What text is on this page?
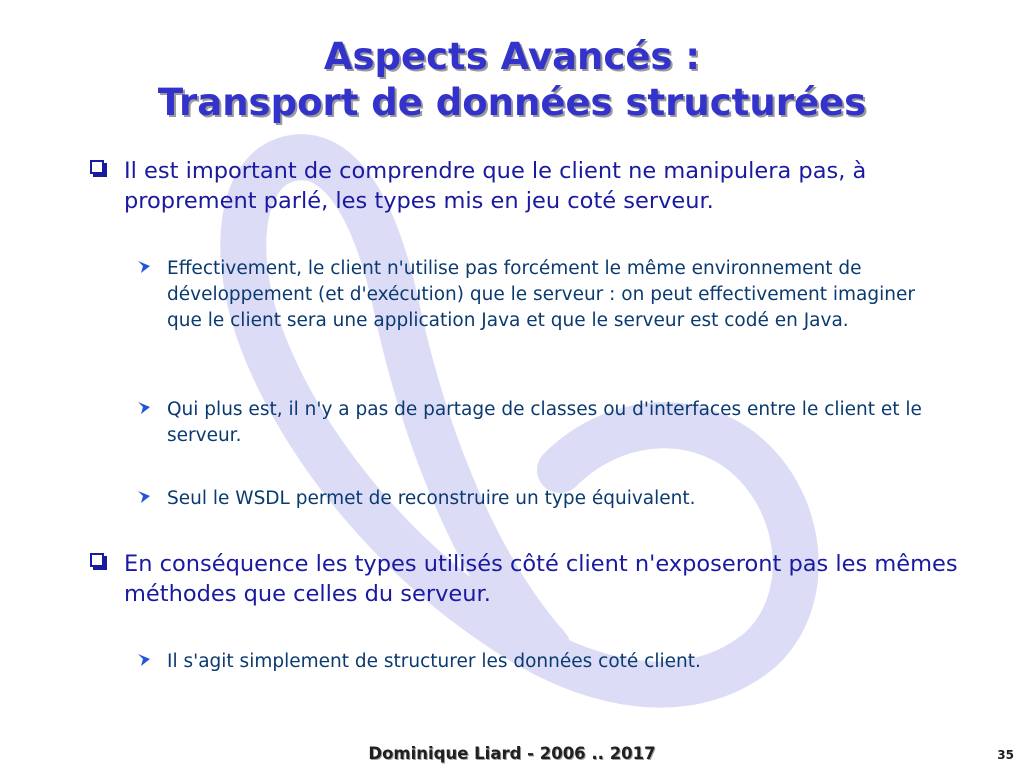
Aspects Avancés :
Transport de données structurées
Il est important de comprendre que le client ne manipulera pas, à proprement parlé, les types mis en jeu coté serveur.
Effectivement, le client n'utilise pas forcément le même environnement de développement (et d'exécution) que le serveur : on peut effectivement imaginer que le client sera une application Java et que le serveur est codé en Java.
Qui plus est, il n'y a pas de partage de classes ou d'interfaces entre le client et le serveur.
Seul le WSDL permet de reconstruire un type équivalent.
En conséquence les types utilisés côté client n'exposeront pas les mêmes méthodes que celles du serveur.
Il s'agit simplement de structurer les données coté client.
Dominique Liard - 2006 .. 2017	35
